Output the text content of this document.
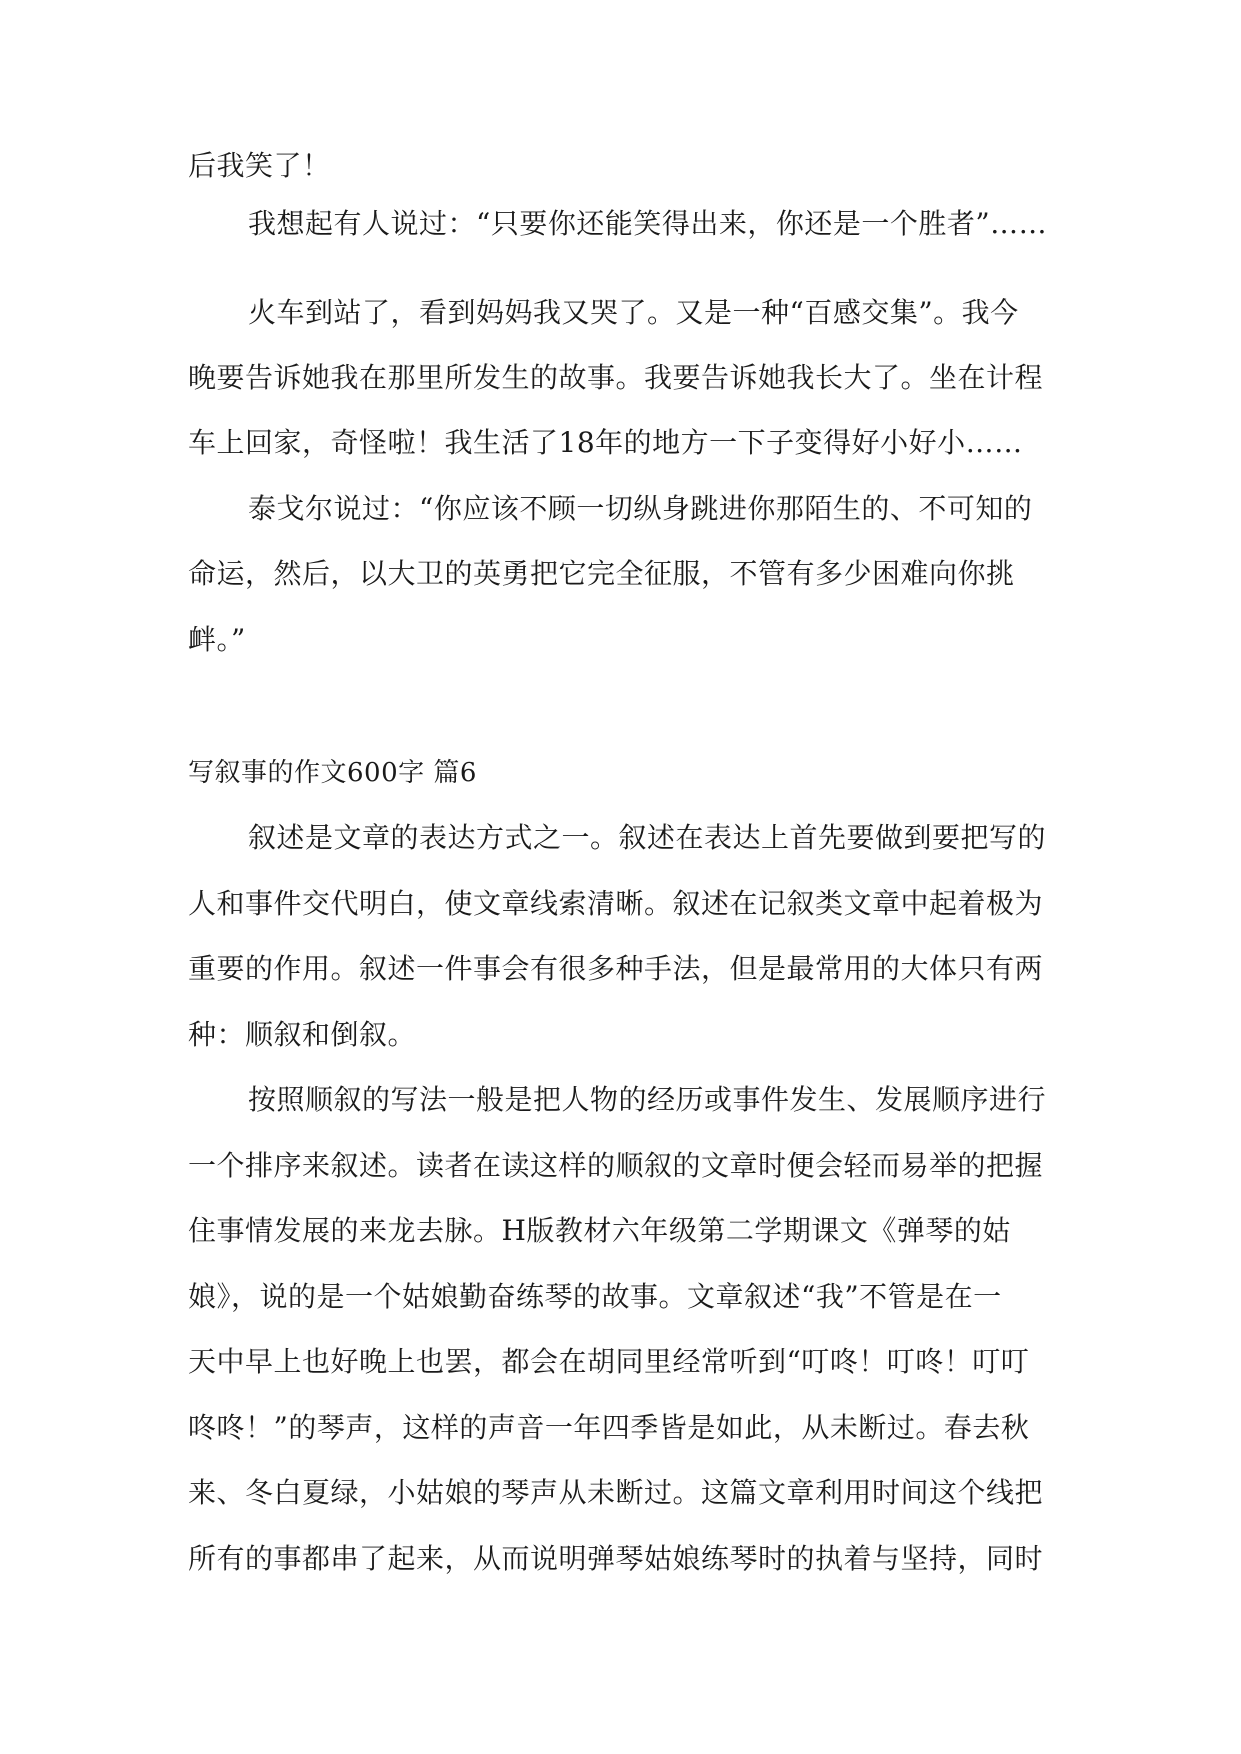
后我笑了！

我想起有人说过：“只要你还能笑得出来，你还是一个胜者”……

火车到站了，看到妈妈我又哭了。又是一种“百感交集”。我今

晚要告诉她我在那里所发生的故事。我要告诉她我长大了。坐在计程

车上回家，奇怪啦！我生活了18年的地方一下子变得好小好小……

泰戈尔说过：“你应该不顾一切纵身跳进你那陌生的、不可知的

命运，然后，以大卫的英勇把它完全征服，不管有多少困难向你挑

衅。”

写叙事的作文600字 篇6

叙述是文章的表达方式之一。叙述在表达上首先要做到要把写的

人和事件交代明白，使文章线索清晰。叙述在记叙类文章中起着极为

重要的作用。叙述一件事会有很多种手法，但是最常用的大体只有两

种：顺叙和倒叙。

按照顺叙的写法一般是把人物的经历或事件发生、发展顺序进行

一个排序来叙述。读者在读这样的顺叙的文章时便会轻而易举的把握

住事情发展的来龙去脉。H版教材六年级第二学期课文《弹琴的姑

娘》，说的是一个姑娘勤奋练琴的故事。文章叙述“我”不管是在一

天中早上也好晚上也罢，都会在胡同里经常听到“叮咚！叮咚！叮叮

咚咚！”的琴声，这样的声音一年四季皆是如此，从未断过。春去秋

来、冬白夏绿，小姑娘的琴声从未断过。这篇文章利用时间这个线把

所有的事都串了起来，从而说明弹琴姑娘练琴时的执着与坚持，同时
